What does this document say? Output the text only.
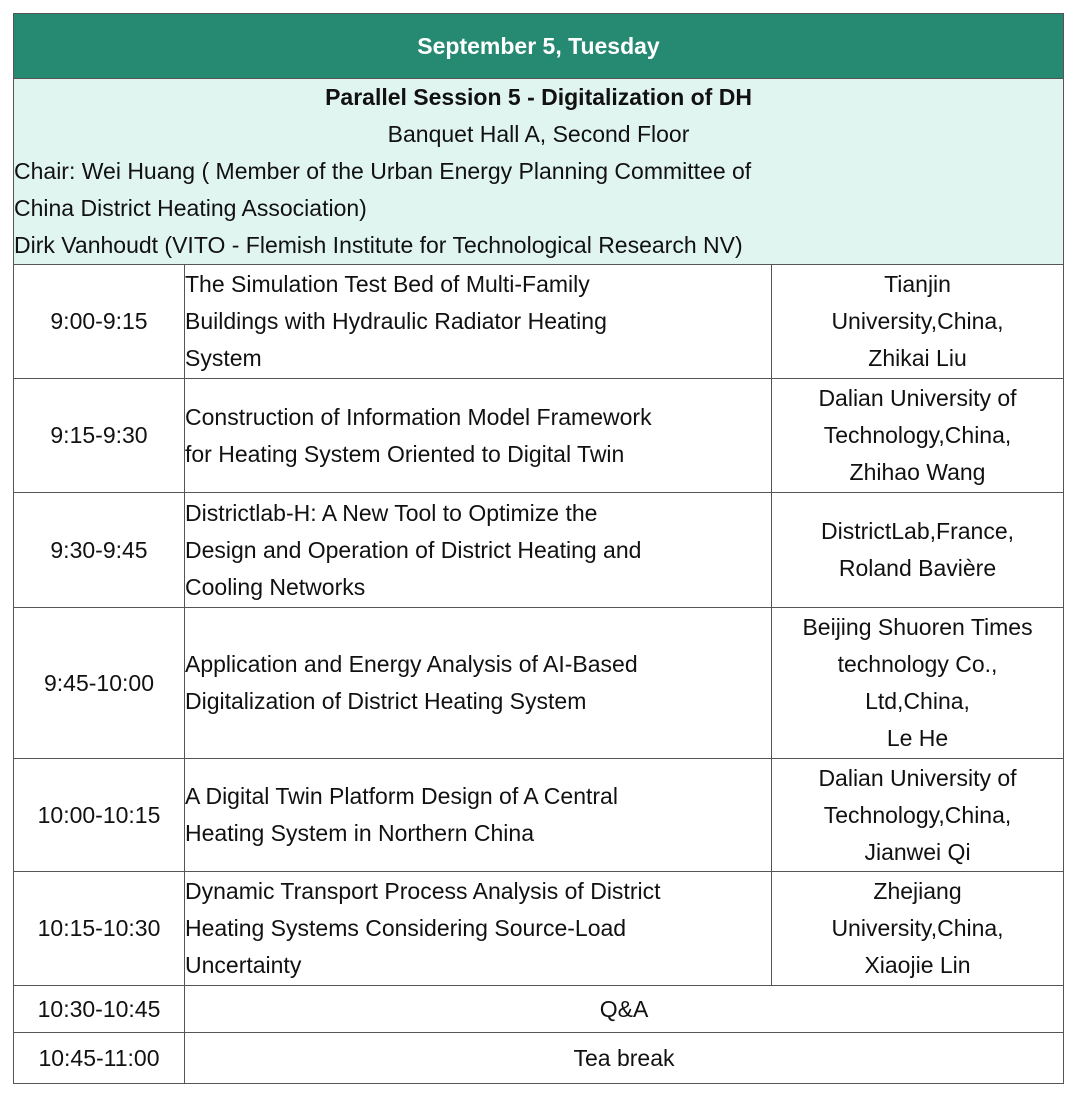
September 5, Tuesday		

Parallel Session 5 - Digitalization of DH
Banquet Hall A, Second Floor
Chair: Wei Huang ( Member of the Urban Energy Planning Committee of
China District Heating Association)
Dirk Vanhoudt (VITO - Flemish Institute for Technological Research NV)		

9:00-9:15	The Simulation Test Bed of Multi-Family
Buildings with Hydraulic Radiator Heating
System	Tianjin
University,China,
Zhikai Liu

9:15-9:30	Construction of Information Model Framework
for Heating System Oriented to Digital Twin	Dalian University of
Technology,China,
Zhihao Wang

9:30-9:45	Districtlab-H: A New Tool to Optimize the
Design and Operation of District Heating and
Cooling Networks	DistrictLab,France,
Roland Bavière

9:45-10:00	Application and Energy Analysis of AI-Based
Digitalization of District Heating System	Beijing Shuoren Times
technology Co.,
Ltd,China,
Le He

10:00-10:15	A Digital Twin Platform Design of A Central
Heating System in Northern China	Dalian University of
Technology,China,
Jianwei Qi

10:15-10:30	Dynamic Transport Process Analysis of District
Heating Systems Considering Source-Load
Uncertainty	Zhejiang
University,China,
Xiaojie Lin

10:30-10:45	Q&A	
10:45-11:00	Tea break	
